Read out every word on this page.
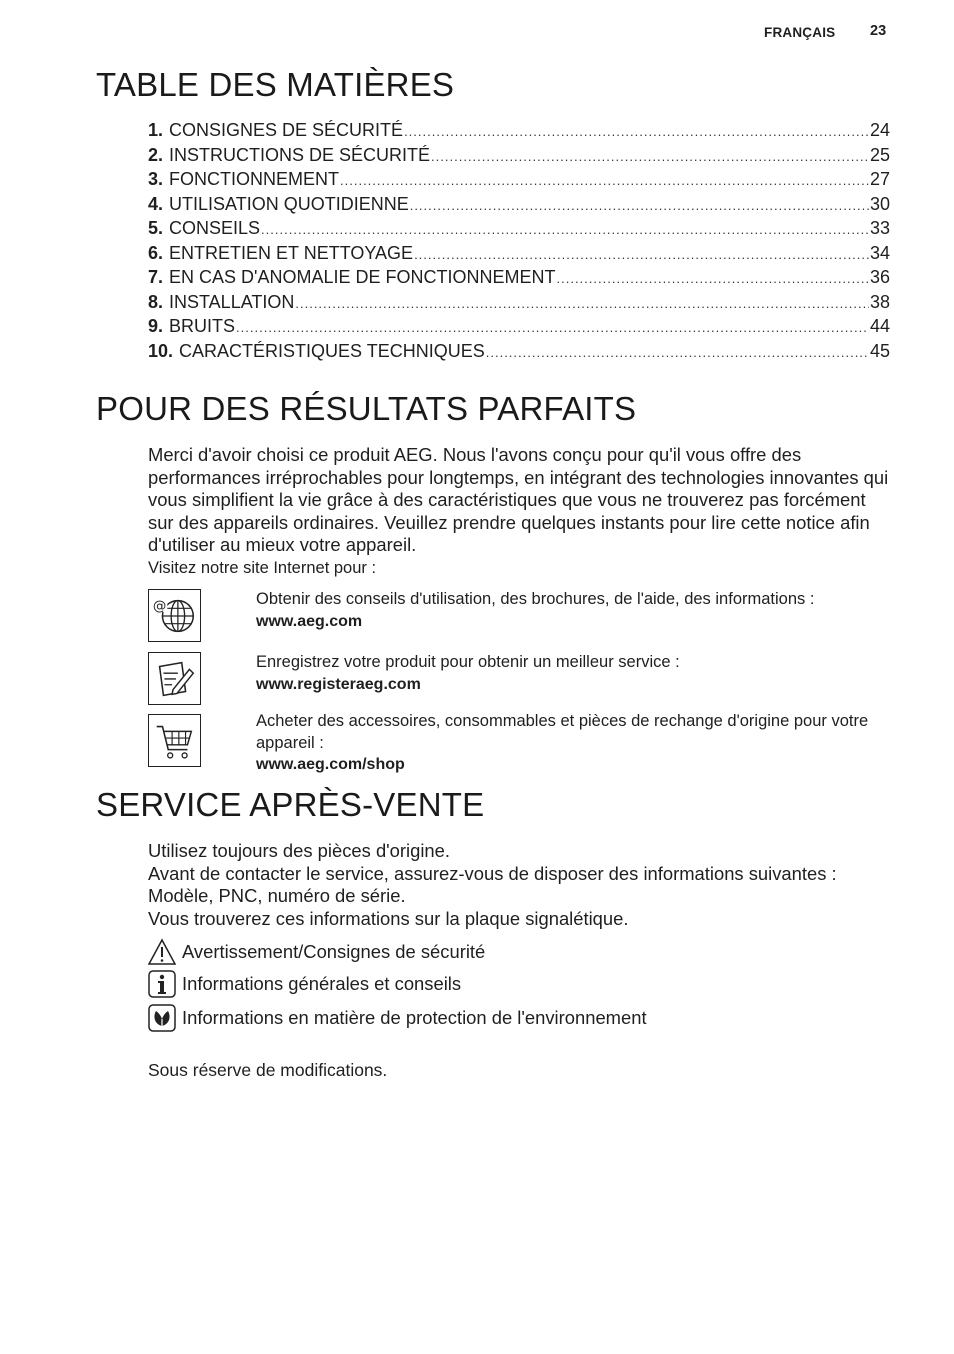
FRANÇAIS 23
TABLE DES MATIÈRES
1. CONSIGNES DE SÉCURITÉ .....	24
2. INSTRUCTIONS DE SÉCURITÉ .....	25
3. FONCTIONNEMENT .....	27
4. UTILISATION QUOTIDIENNE .....	30
5. CONSEILS .....	33
6. ENTRETIEN ET NETTOYAGE .....	34
7. EN CAS D'ANOMALIE DE FONCTIONNEMENT .....	36
8. INSTALLATION .....	38
9. BRUITS .....	44
10. CARACTÉRISTIQUES TECHNIQUES .....	45
POUR DES RÉSULTATS PARFAITS

Merci d'avoir choisi ce produit AEG. Nous l'avons conçu pour qu'il vous offre des performances irréprochables pour longtemps, en intégrant des technologies innovantes qui vous simplifient la vie grâce à des caractéristiques que vous ne trouverez pas forcément sur des appareils ordinaires. Veuillez prendre quelques instants pour lire cette notice afin d'utiliser au mieux votre appareil.

Visitez notre site Internet pour :

@	Obtenir des conseils d'utilisation, des brochures, de l'aide, des informations :
www.aeg.com
Enregistrez votre produit pour obtenir un meilleur service :
www.registeraeg.com
Acheter des accessoires, consommables et pièces de rechange d'origine pour votre appareil :
www.aeg.com/shop
SERVICE APRÈS-VENTE
Utilisez toujours des pièces d'origine.
Avant de contacter le service, assurez-vous de disposer des informations suivantes : Modèle, PNC, numéro de série.
Vous trouverez ces informations sur la plaque signalétique.
Avertissement/Consignes de sécurité
Informations générales et conseils
Informations en matière de protection de l'environnement

Sous réserve de modifications.
